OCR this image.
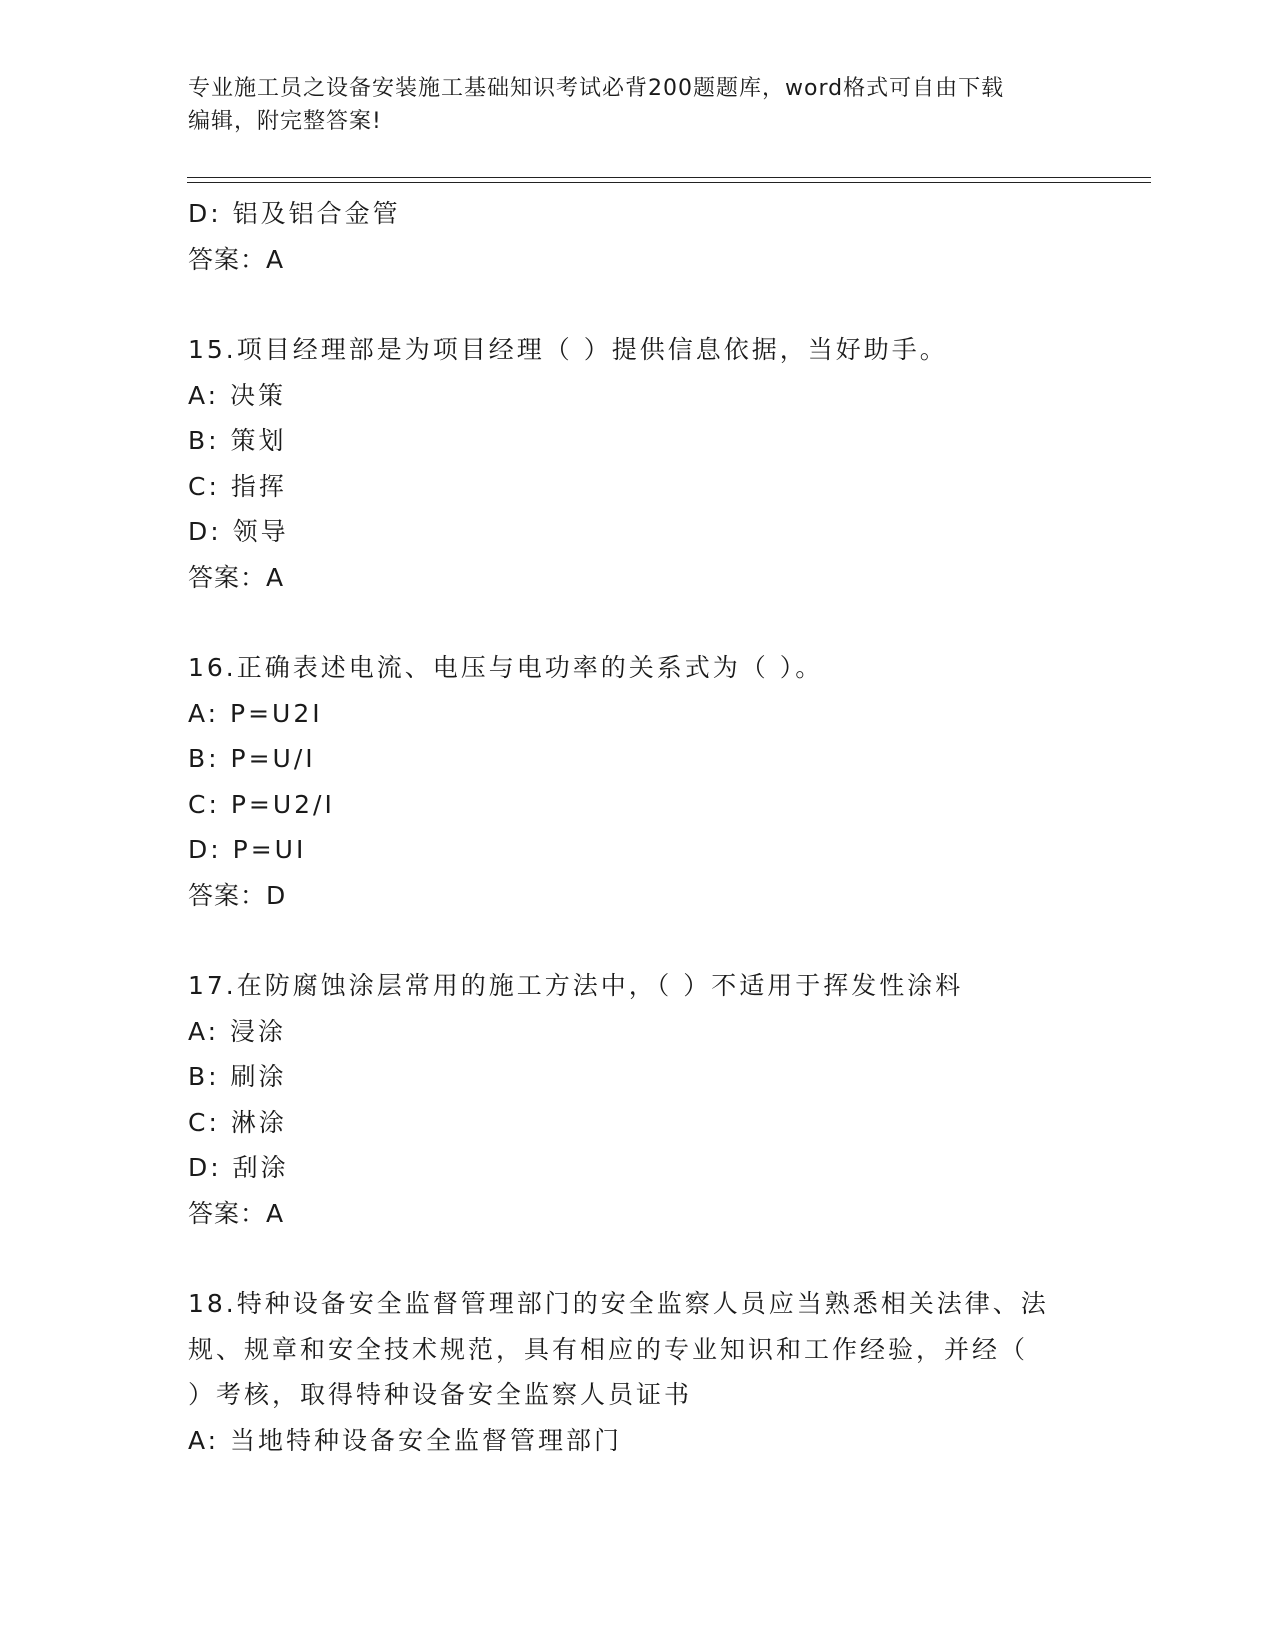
专业施工员之设备安装施工基础知识考试必背200题题库，word格式可自由下载
编辑，附完整答案!
D: 铝及铝合金管
答案：A
15.项目经理部是为项目经理（ ）提供信息依据，当好助手。
A: 决策
B: 策划
C: 指挥
D: 领导
答案：A
16.正确表述电流、电压与电功率的关系式为（ ）。
A: P=U2I
B: P=U/I
C: P=U2/I
D: P=UI
答案：D
17.在防腐蚀涂层常用的施工方法中，（ ）不适用于挥发性涂料
A: 浸涂
B: 刷涂
C: 淋涂
D: 刮涂
答案：A
18.特种设备安全监督管理部门的安全监察人员应当熟悉相关法律、法
规、规章和安全技术规范，具有相应的专业知识和工作经验，并经（
）考核，取得特种设备安全监察人员证书
A: 当地特种设备安全监督管理部门
